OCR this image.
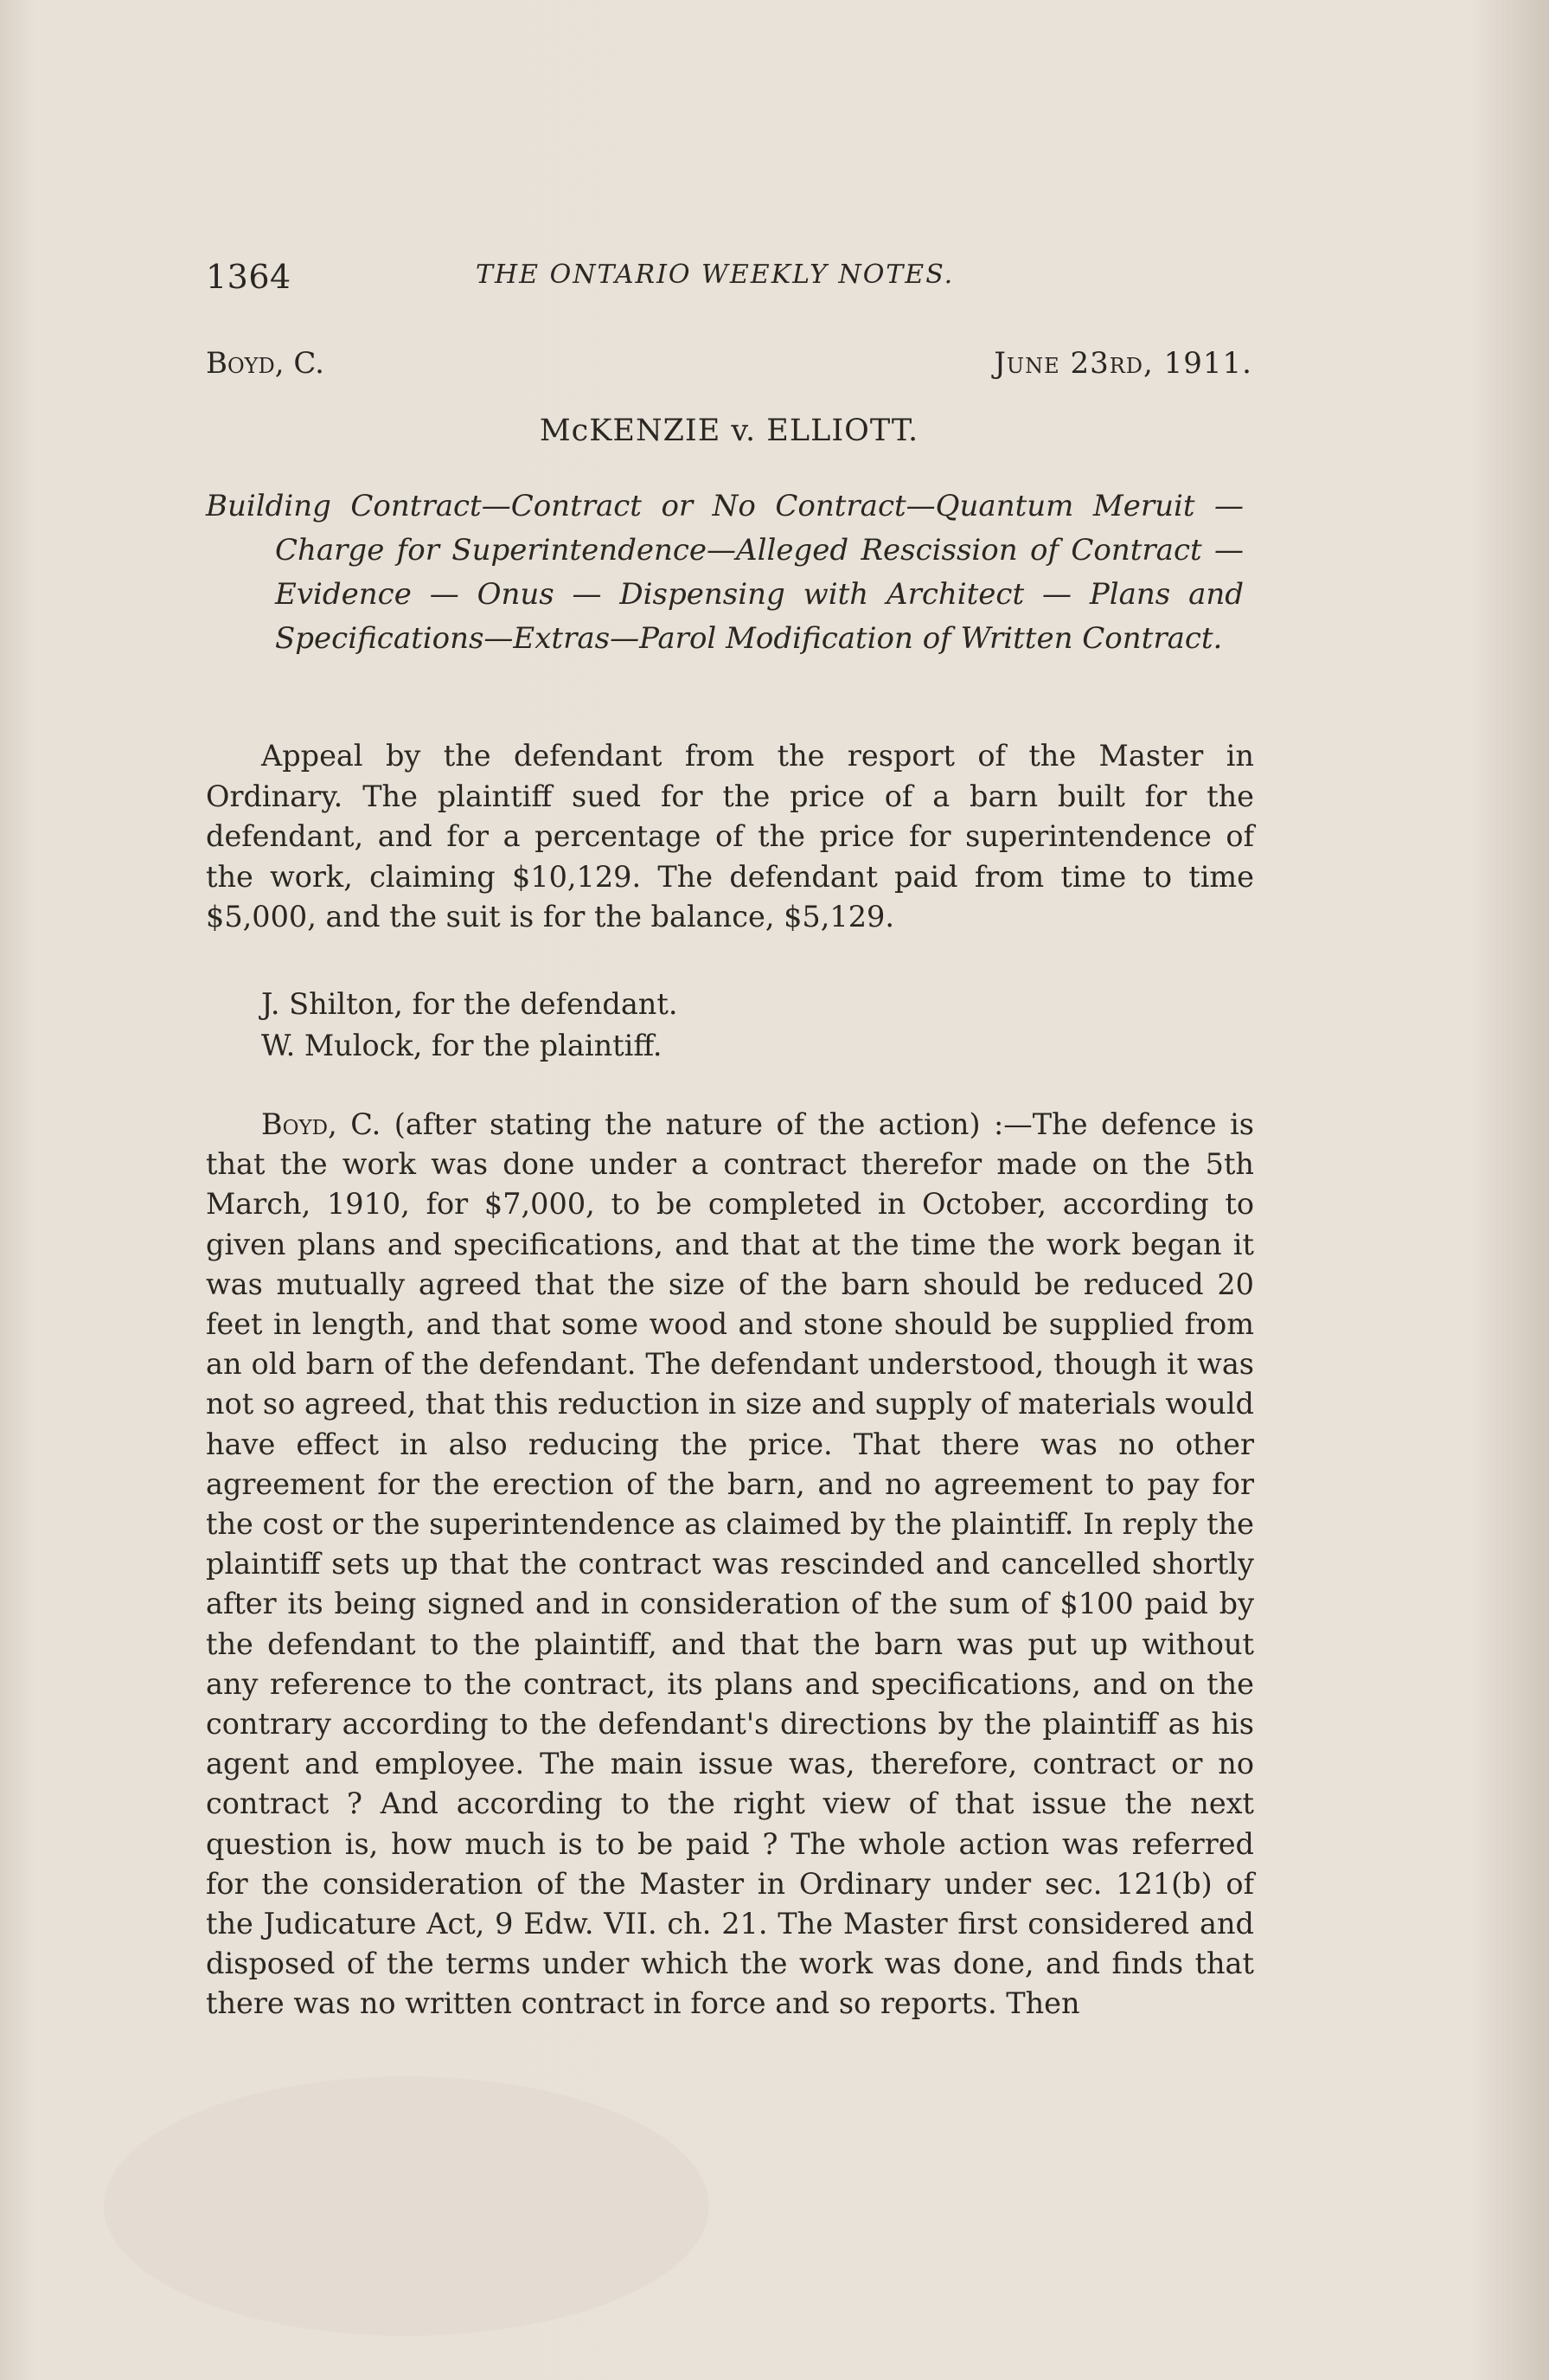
1364	THE ONTARIO WEEKLY NOTES.
Boyd, C.	June 23rd, 1911.
McKENZIE v. ELLIOTT.
Building Contract—Contract or No Contract—Quantum Meruit —Charge for Superintendence—Alleged Rescission of Contract — Evidence — Onus — Dispensing with Architect — Plans and Specifications—Extras—Parol Modification of Written Contract.
Appeal by the defendant from the resport of the Master in Ordinary. The plaintiff sued for the price of a barn built for the defendant, and for a percentage of the price for superintendence of the work, claiming $10,129. The defendant paid from time to time $5,000, and the suit is for the balance, $5,129.
J. Shilton, for the defendant.
W. Mulock, for the plaintiff.
Boyd, C. (after stating the nature of the action) :—The defence is that the work was done under a contract therefor made on the 5th March, 1910, for $7,000, to be completed in October, according to given plans and specifications, and that at the time the work began it was mutually agreed that the size of the barn should be reduced 20 feet in length, and that some wood and stone should be supplied from an old barn of the defendant. The defendant understood, though it was not so agreed, that this reduction in size and supply of materials would have effect in also reducing the price. That there was no other agreement for the erection of the barn, and no agreement to pay for the cost or the superintendence as claimed by the plaintiff. In reply the plaintiff sets up that the contract was rescinded and cancelled shortly after its being signed and in consideration of the sum of $100 paid by the defendant to the plaintiff, and that the barn was put up without any reference to the contract, its plans and specifications, and on the contrary according to the defendant's directions by the plaintiff as his agent and employee. The main issue was, therefore, contract or no contract ? And according to the right view of that issue the next question is, how much is to be paid ? The whole action was referred for the consideration of the Master in Ordinary under sec. 121(b) of the Judicature Act, 9 Edw. VII. ch. 21. The Master first considered and disposed of the terms under which the work was done, and finds that there was no written contract in force and so reports. Then
